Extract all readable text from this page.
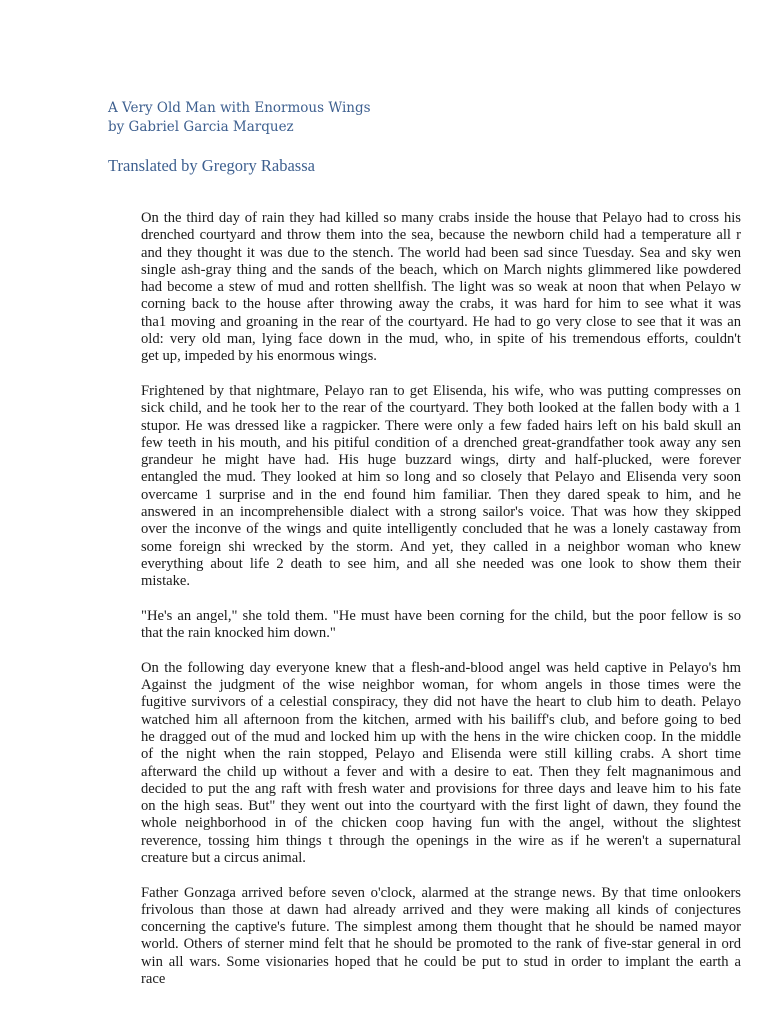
A Very Old Man with Enormous Wings
by Gabriel Garcia Marquez
Translated by Gregory Rabassa
On the third day of rain they had killed so many crabs inside the house that Pelayo had to cross his
drenched courtyard and throw them into the sea, because the newborn child had a temperature all r
and they thought it was due to the stench. The world had been sad since Tuesday. Sea and sky wen
single ash-gray thing and the sands of the beach, which on March nights glimmered like powdered
had become a stew of mud and rotten shellfish. The light was so weak at noon that when Pelayo w
corning back to the house after throwing away the crabs, it was hard for him to see what it was
tha1 moving and groaning in the rear of the courtyard. He had to go very close to see that it was an
old: very old man, lying face down in the mud, who, in spite of his tremendous efforts, couldn't
get up, impeded by his enormous wings.
Frightened by that nightmare, Pelayo ran to get Elisenda, his wife, who was putting compresses on
sick child, and he took her to the rear of the courtyard. They both looked at the fallen body with a 1
stupor. He was dressed like a ragpicker. There were only a few faded hairs left on his bald skull an
few teeth in his mouth, and his pitiful condition of a drenched great-grandfather took away any sen
grandeur he might have had. His huge buzzard wings, dirty and half-plucked, were forever
entangled the mud. They looked at him so long and so closely that Pelayo and Elisenda very soon
overcame 1 surprise and in the end found him familiar. Then they dared speak to him, and he
answered in an incomprehensible dialect with a strong sailor's voice. That was how they skipped
over the inconve of the wings and quite intelligently concluded that he was a lonely castaway from
some foreign shi wrecked by the storm. And yet, they called in a neighbor woman who knew
everything about life 2 death to see him, and all she needed was one look to show them their
mistake.
"He's an angel," she told them. "He must have been corning for the child, but the poor fellow is so
that the rain knocked him down."
On the following day everyone knew that a flesh-and-blood angel was held captive in Pelayo's hm
Against the judgment of the wise neighbor woman, for whom angels in those times were the
fugitive survivors of a celestial conspiracy, they did not have the heart to club him to death. Pelayo
watched him all afternoon from the kitchen, armed with his bailiff's club, and before going to bed
he dragged out of the mud and locked him up with the hens in the wire chicken coop. In the middle
of the night when the rain stopped, Pelayo and Elisenda were still killing crabs. A short time
afterward the child up without a fever and with a desire to eat. Then they felt magnanimous and
decided to put the ang raft with fresh water and provisions for three days and leave him to his fate
on the high seas. But" they went out into the courtyard with the first light of dawn, they found the
whole neighborhood in of the chicken coop having fun with the angel, without the slightest
reverence, tossing him things t through the openings in the wire as if he weren't a supernatural
creature but a circus animal.
Father Gonzaga arrived before seven o'clock, alarmed at the strange news. By that time onlookers
frivolous than those at dawn had already arrived and they were making all kinds of conjectures
concerning the captive's future. The simplest among them thought that he should be named mayor
world. Others of sterner mind felt that he should be promoted to the rank of five-star general in ord
win all wars. Some visionaries hoped that he could be put to stud in order to implant the earth a
race
